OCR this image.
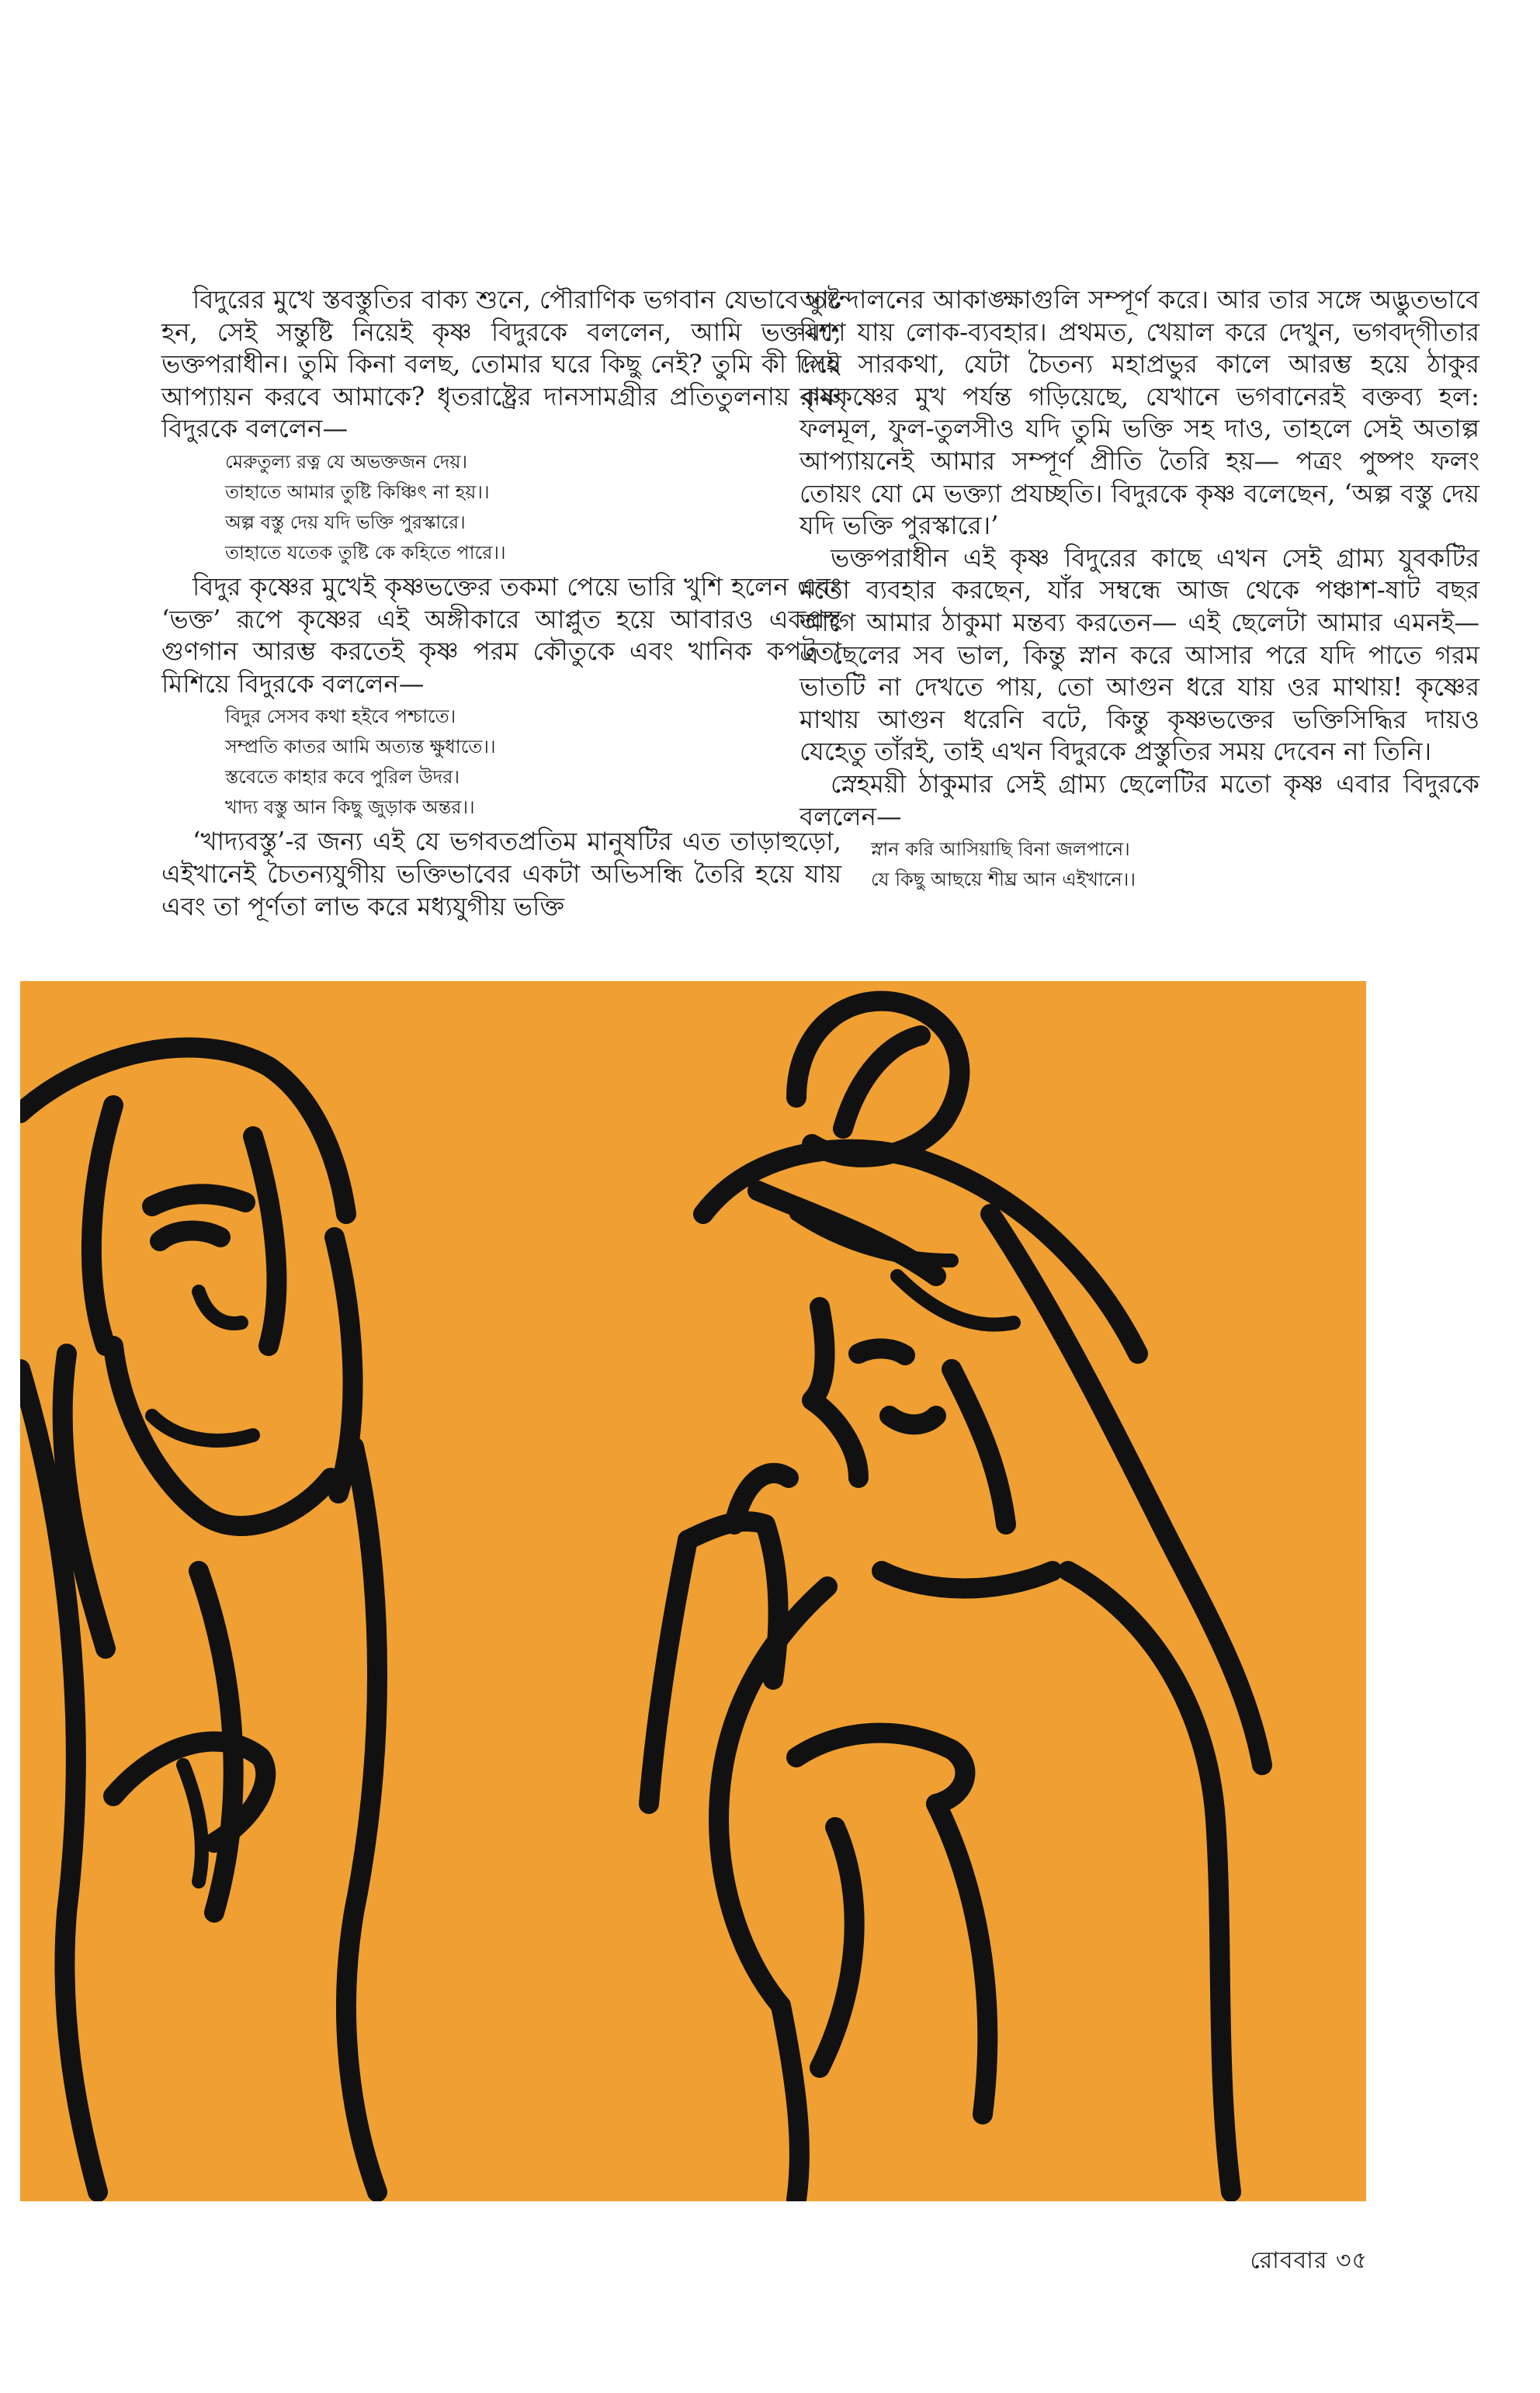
বিদুরের মুখে স্তবস্তুতির বাক্য শুনে, পৌরাণিক ভগবান যেভাবে তুষ্ট হন, সেই সন্তুষ্টি নিয়েই কৃষ্ণ বিদুরকে বললেন, আমি ভক্তবশ, ভক্তপরাধীন। তুমি কিনা বলছ, তোমার ঘরে কিছু নেই? তুমি কী দিয়ে আপ্যায়ন করবে আমাকে? ধৃতরাষ্ট্রের দানসামগ্রীর প্রতিতুলনায় কৃষ্ণ বিদুরকে বললেন—

মেরুতুল্য রত্ন যে অভক্তজন দেয়।
তাহাতে আমার তুষ্টি কিঞ্চিৎ না হয়।।
অল্প বস্তু দেয় যদি ভক্তি পুরস্কারে।
তাহাতে যতেক তুষ্টি কে কহিতে পারে।।

বিদুর কৃষ্ণের মুখেই কৃষ্ণভক্তের তকমা পেয়ে ভারি খুশি হলেন এবং ‘ভক্ত’ রূপে কৃষ্ণের এই অঙ্গীকারে আপ্লুত হয়ে আবারও একপ্রস্থ গুণগান আরম্ভ করতেই কৃষ্ণ পরম কৌতুকে এবং খানিক কপটতা মিশিয়ে বিদুরকে বললেন—

বিদুর সেসব কথা হইবে পশ্চাতে।
সম্প্রতি কাতর আমি অত্যন্ত ক্ষুধাতে।।
স্তবেতে কাহার কবে পুরিল উদর।
খাদ্য বস্তু আন কিছু জুড়াক অন্তর।।

‘খাদ্যবস্তু’-র জন্য এই যে ভগবতপ্রতিম মানুষটির এত তাড়াহুড়ো, এইখানেই চৈতন্যযুগীয় ভক্তিভাবের একটা অভিসন্ধি তৈরি হয়ে যায় এবং তা পূর্ণতা লাভ করে মধ্যযুগীয় ভক্তি

আন্দোলনের আকাঙ্ক্ষাগুলি সম্পূর্ণ করে। আর তার সঙ্গে অদ্ভুতভাবে মিশে যায় লোক-ব্যবহার। প্রথমত, খেয়াল করে দেখুন, ভগবদ্‌গীতার সেই সারকথা, যেটা চৈতন্য মহাপ্রভুর কালে আরম্ভ হয়ে ঠাকুর রামকৃষ্ণের মুখ পর্যন্ত গড়িয়েছে, যেখানে ভগবানেরই বক্তব্য হল: ফলমূল, ফুল-তুলসীও যদি তুমি ভক্তি সহ দাও, তাহলে সেই অতাল্প আপ্যায়নেই আমার সম্পূর্ণ প্রীতি তৈরি হয়— পত্রং পুষ্পং ফলং তোয়ং যো মে ভক্ত্যা প্রযচ্ছতি। বিদুরকে কৃষ্ণ বলেছেন, ‘অল্প বস্তু দেয় যদি ভক্তি পুরস্কারে।’

ভক্তপরাধীন এই কৃষ্ণ বিদুরের কাছে এখন সেই গ্রাম্য যুবকটির মতো ব্যবহার করছেন, যাঁর সম্বন্ধে আজ থেকে পঞ্চাশ-ষাট বছর আগে আমার ঠাকুমা মন্তব্য করতেন— এই ছেলেটা আমার এমনই— এ ছেলের সব ভাল, কিন্তু স্নান করে আসার পরে যদি পাতে গরম ভাতটি না দেখতে পায়, তো আগুন ধরে যায় ওর মাথায়! কৃষ্ণের মাথায় আগুন ধরেনি বটে, কিন্তু কৃষ্ণভক্তের ভক্তিসিদ্ধির দায়ও যেহেতু তাঁরই, তাই এখন বিদুরকে প্রস্তুতির সময় দেবেন না তিনি।

স্নেহময়ী ঠাকুমার সেই গ্রাম্য ছেলেটির মতো কৃষ্ণ এবার বিদুরকে বললেন—

স্নান করি আসিয়াছি বিনা জলপানে।
যে কিছু আছয়ে শীঘ্র আন এইখানে।।
রোববার ৩৫
